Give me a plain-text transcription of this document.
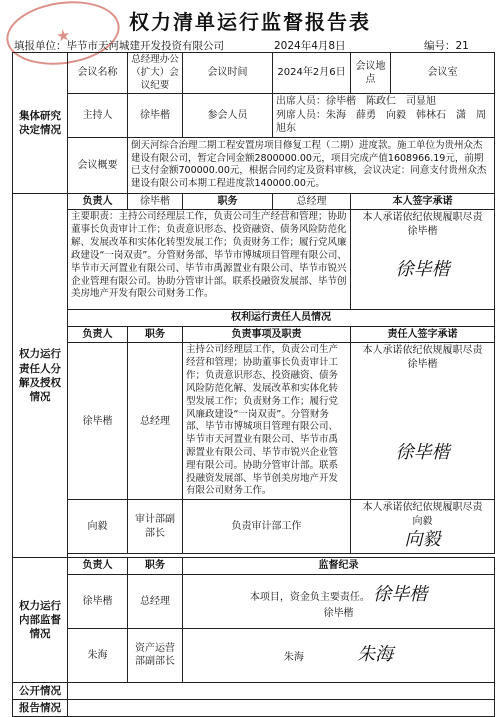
★
权力清单运行监督报告表
填报单位：毕节市天河城建开发投资有限公司	2024年4月8日	编号：21
集体研究决定情况	会议名称	总经理办公（扩大）会议纪要	会议时间	2024年2月6日	会议地点	会议室
	主持人	徐毕楷	参会人员	出席人员：徐毕楷　陈政仁　司显旭
列席人员：朱海　薛勇　向毅　韩林石　潇　周旭东		

	会议概要	倒天河综合治理二期工程安置房项目修复工程（二期）进度款。施工单位为贵州众杰建设有限公司，暂定合同金额2800000.00元，项目完成产值1608966.19元，前期已支付金额700000.00元，根据合同约定及资料审核，会议决定：同意支付贵州众杰建设有限公司本期工程进度款140000.00元。				
权力运行责任人分解及授权情况	负责人	徐毕楷	职务	总经理	本人签字承诺	
	主要职责：主持公司经理层工作，负责公司生产经营和管理；协助董事长负责审计工作；负责意识形态、投资融资、债务风险防范化解、发展改革和实体化转型发展工作；负责财务工作；履行党风廉政建设“一岗双责”。分管财务部、毕节市博城项目管理有限公司、毕节市天河置业有限公司、毕节市禹源置业有限公司、毕节市锐兴企业管理有限公司。协助分管审计部。联系投融资发展部、毕节创美房地产开发有限公司财务工作。				本人承诺依纪依规履职尽责
徐毕楷
徐毕楷	

	权利运行责任人员情况					
	负责人	职务	负责事项及职责		责任人签字承诺	
	徐毕楷	总经理	主持公司经理层工作，负责公司生产经营和管理；协助董事长负责审计工作；负责意识形态、投资融资、债务风险防范化解、发展改革和实体化转型发展工作；负责财务工作；履行党风廉政建设“一岗双责”。分管财务部、毕节市博城项目管理有限公司、毕节市天河置业有限公司、毕节市禹源置业有限公司、毕节市锐兴企业管理有限公司。协助分管审计部。联系投融资发展部、毕节创美房地产开发有限公司财务工作。		本人承诺依纪依规履职尽责
徐毕楷
徐毕楷	

	向毅	审计部副部长	负责审计部工作		本人承诺依纪依规履职尽责
向毅
向毅	

权力运行内部监督情况	负责人	职务	监督纪录			
	徐毕楷	总经理	本项目，资金负主要责任。 徐毕楷
徐毕楷			

	朱海	资产运营部副部长	朱海 朱海			
公开情况						
报告情况						
